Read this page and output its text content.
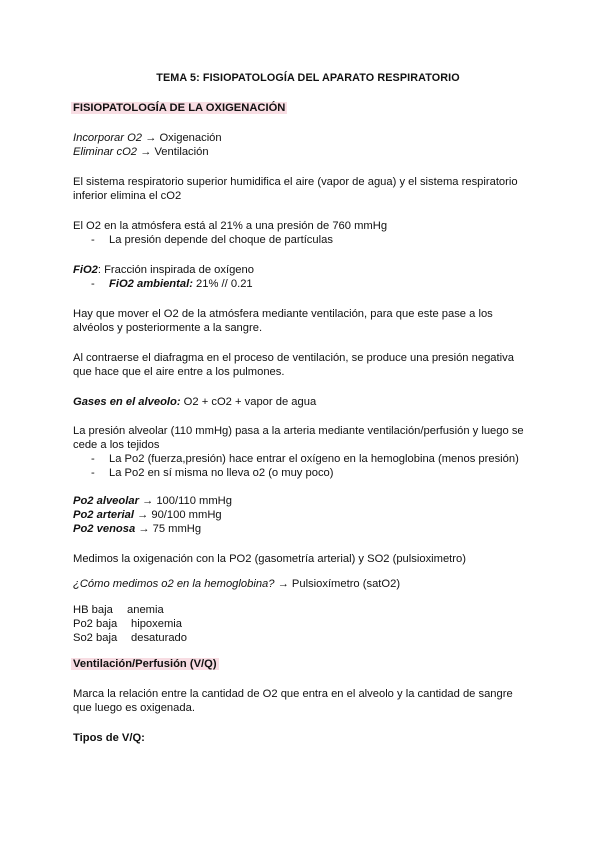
TEMA 5: FISIOPATOLOGÍA DEL APARATO RESPIRATORIO
FISIOPATOLOGÍA DE LA OXIGENACIÓN
Incorporar O2 → Oxigenación
Eliminar cO2 → Ventilación
El sistema respiratorio superior humidifica el aire (vapor de agua) y el sistema respiratorio
inferior elimina el cO2
El O2 en la atmósfera está al 21% a una presión de 760 mmHg
- La presión depende del choque de partículas
FiO2: Fracción inspirada de oxígeno
- FiO2 ambiental: 21% // 0.21
Hay que mover el O2 de la atmósfera mediante ventilación, para que este pase a los
alvéolos y posteriormente a la sangre.
Al contraerse el diafragma en el proceso de ventilación, se produce una presión negativa
que hace que el aire entre a los pulmones.
Gases en el alveolo: O2 + cO2 + vapor de agua
La presión alveolar (110 mmHg) pasa a la arteria mediante ventilación/perfusión y luego se
cede a los tejidos
- La Po2 (fuerza,presión) hace entrar el oxígeno en la hemoglobina (menos presión)
- La Po2 en sí misma no lleva o2 (o muy poco)
Po2 alveolar → 100/110 mmHg
Po2 arterial → 90/100 mmHg
Po2 venosa → 75 mmHg
Medimos la oxigenación con la PO2 (gasometría arterial) y SO2 (pulsioximetro)
¿Cómo medimos o2 en la hemoglobina? → Pulsioxímetro (satO2)
HB baja anemia
Po2 baja hipoxemia
So2 baja desaturado
Ventilación/Perfusión (V/Q)
Marca la relación entre la cantidad de O2 que entra en el alveolo y la cantidad de sangre
que luego es oxigenada.
Tipos de V/Q:
